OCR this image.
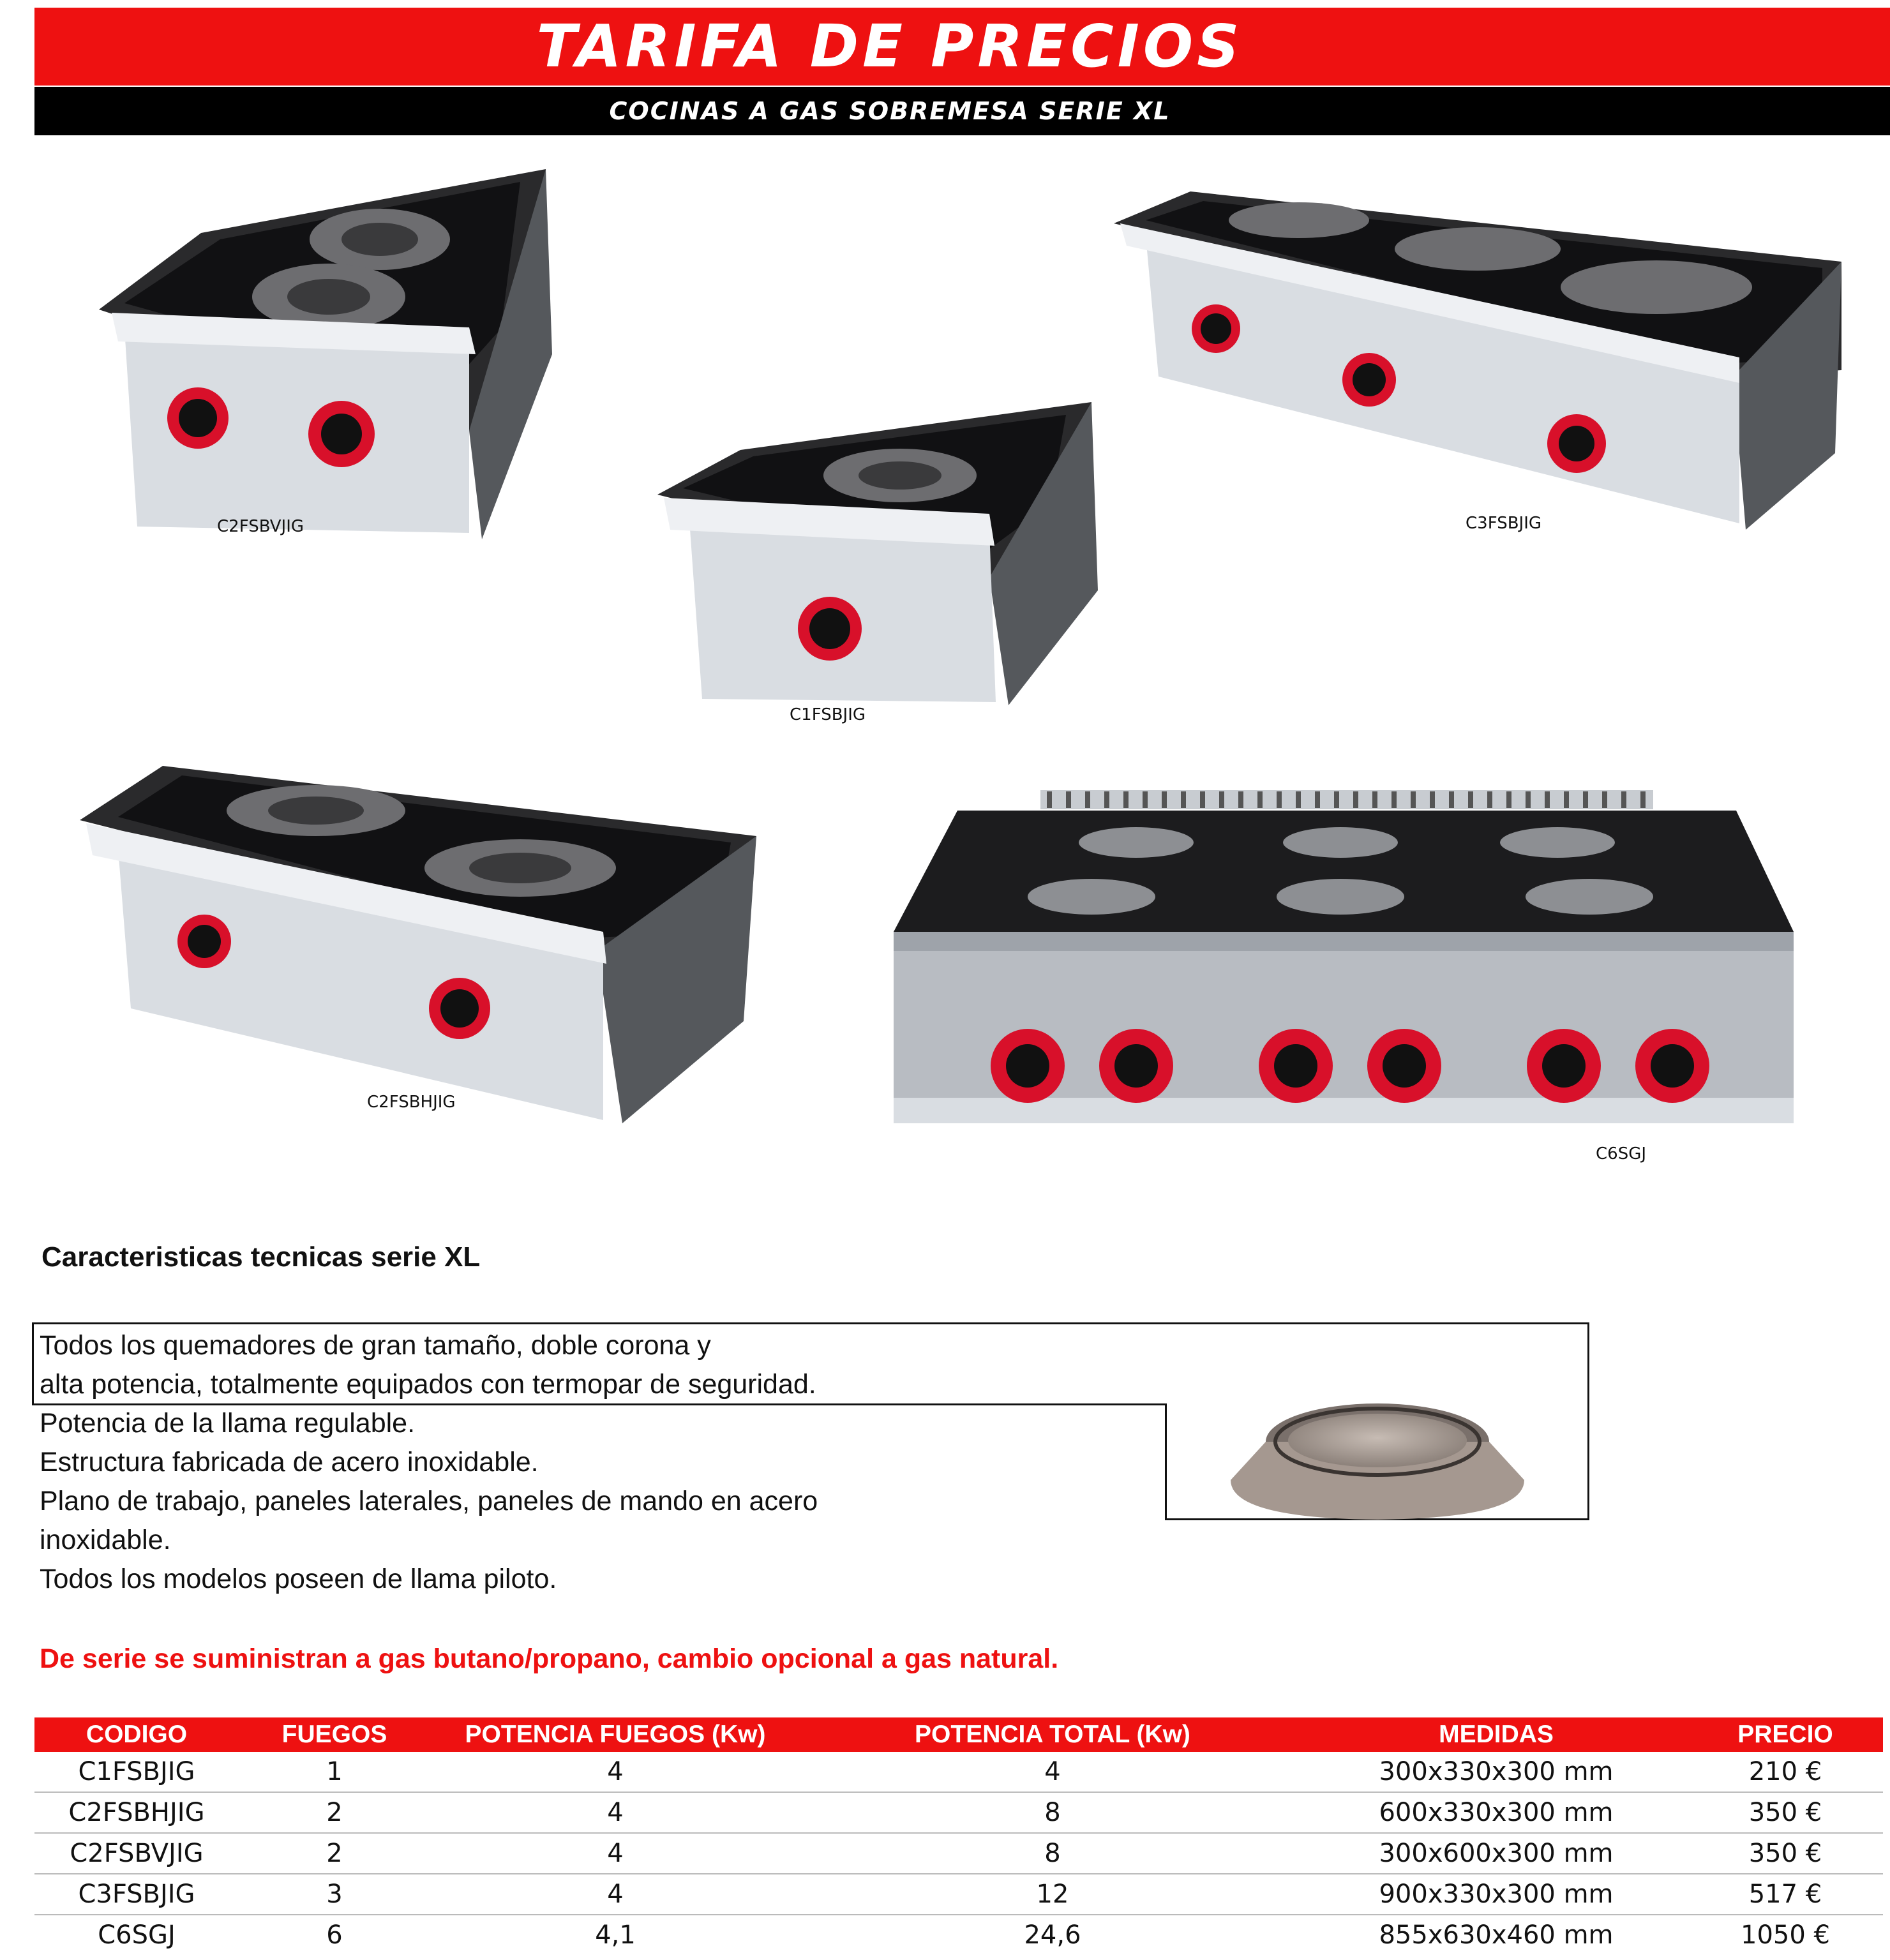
TARIFA DE PRECIOS
COCINAS A GAS SOBREMESA SERIE XL
C2FSBVJIG
C1FSBJIG
C3FSBJIG
C2FSBHJIG
C6SGJ
Caracteristicas tecnicas serie XL
Todos los quemadores de gran tamaño, doble corona y
alta potencia, totalmente equipados con termopar de seguridad.
Potencia de la llama regulable.
Estructura fabricada de acero inoxidable.
Plano de trabajo, paneles laterales, paneles de mando en acero
inoxidable.
Todos los modelos poseen de llama piloto.
De serie se suministran a gas butano/propano, cambio opcional a gas natural.
CODIGO	FUEGOS	POTENCIA FUEGOS (Kw)	POTENCIA TOTAL (Kw)	MEDIDAS	PRECIO
C1FSBJIG	1	4	4	300x330x300 mm	210 €
C2FSBHJIG	2	4	8	600x330x300 mm	350 €
C2FSBVJIG	2	4	8	300x600x300 mm	350 €
C3FSBJIG	3	4	12	900x330x300 mm	517 €
C6SGJ	6	4,1	24,6	855x630x460 mm	1050 €
